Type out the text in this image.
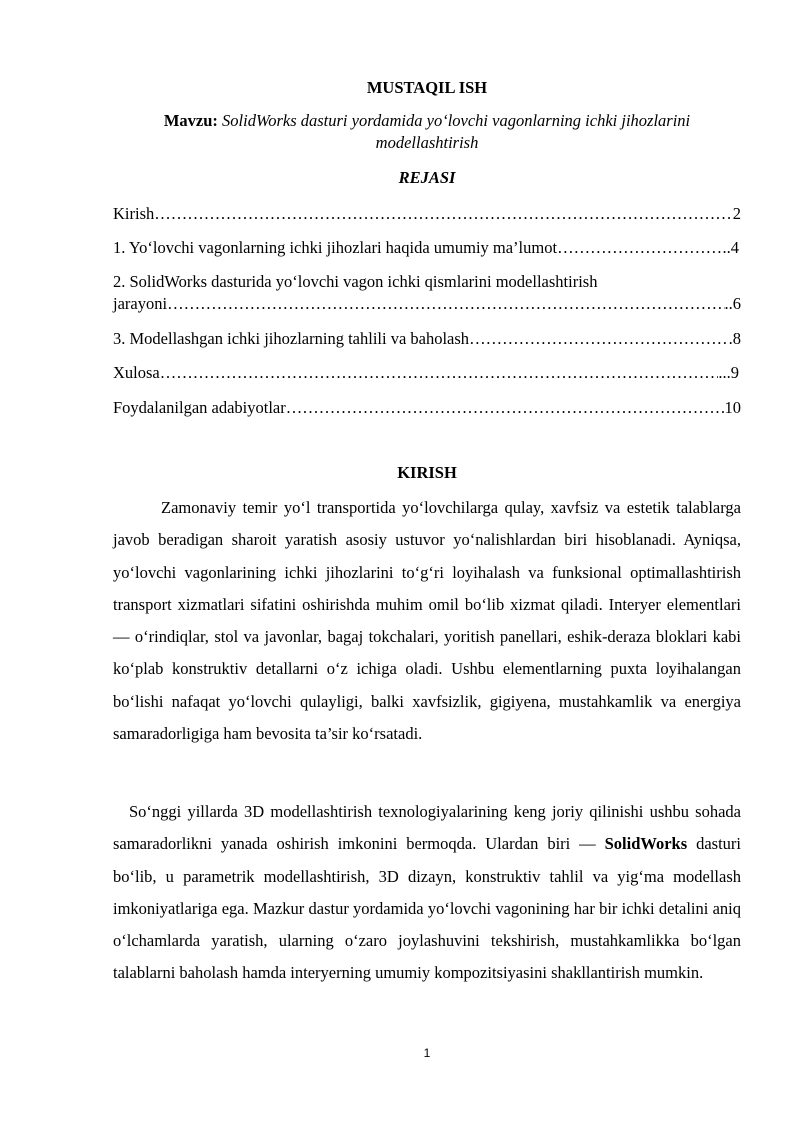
MUSTAQIL ISH
Mavzu: SolidWorks dasturi yordamida yo‘lovchi vagonlarning ichki jihozlarini modellashtirish
REJASI
Kirish ………………………………………………………………………………………………………………………………………………………………………………………………	2
1. Yo‘lovchi vagonlarning ichki jihozlari haqida umumiy ma’lumot ………………………………………………………………………………………………………………………………………………………………………………………………	..4
2. SolidWorks dasturida yo‘lovchi vagon ichki qismlarini modellashtirish
jarayoni ………………………………………………………………………………………………………………………………………………………………………………………………	..6
3. Modellashgan ichki jihozlarning tahlili va baholash ………………………………………………………………………………………………………………………………………………………………………………………………	.8
Xulosa ………………………………………………………………………………………………………………………………………………………………………………………………	...9
Foydalanilgan adabiyotlar ………………………………………………………………………………………………………………………………………………………………………………………………	10
KIRISH
Zamonaviy temir yo‘l transportida yo‘lovchilarga qulay, xavfsiz va estetik talablarga javob beradigan sharoit yaratish asosiy ustuvor yo‘nalishlardan biri hisoblanadi. Ayniqsa, yo‘lovchi vagonlarining ichki jihozlarini to‘g‘ri loyihalash va funksional optimallashtirish transport xizmatlari sifatini oshirishda muhim omil bo‘lib xizmat qiladi. Interyer elementlari — o‘rindiqlar, stol va javonlar, bagaj tokchalari, yoritish panellari, eshik-deraza bloklari kabi ko‘plab konstruktiv detallarni o‘z ichiga oladi. Ushbu elementlarning puxta loyihalangan bo‘lishi nafaqat yo‘lovchi qulayligi, balki xavfsizlik, gigiyena, mustahkamlik va energiya samaradorligiga ham bevosita ta’sir ko‘rsatadi.
So‘nggi yillarda 3D modellashtirish texnologiyalarining keng joriy qilinishi ushbu sohada samaradorlikni yanada oshirish imkonini bermoqda. Ulardan biri — SolidWorks dasturi bo‘lib, u parametrik modellashtirish, 3D dizayn, konstruktiv tahlil va yig‘ma modellash imkoniyatlariga ega. Mazkur dastur yordamida yo‘lovchi vagonining har bir ichki detalini aniq o‘lchamlarda yaratish, ularning o‘zaro joylashuvini tekshirish, mustahkamlikka bo‘lgan talablarni baholash hamda interyerning umumiy kompozitsiyasini shakllantirish mumkin.
1
